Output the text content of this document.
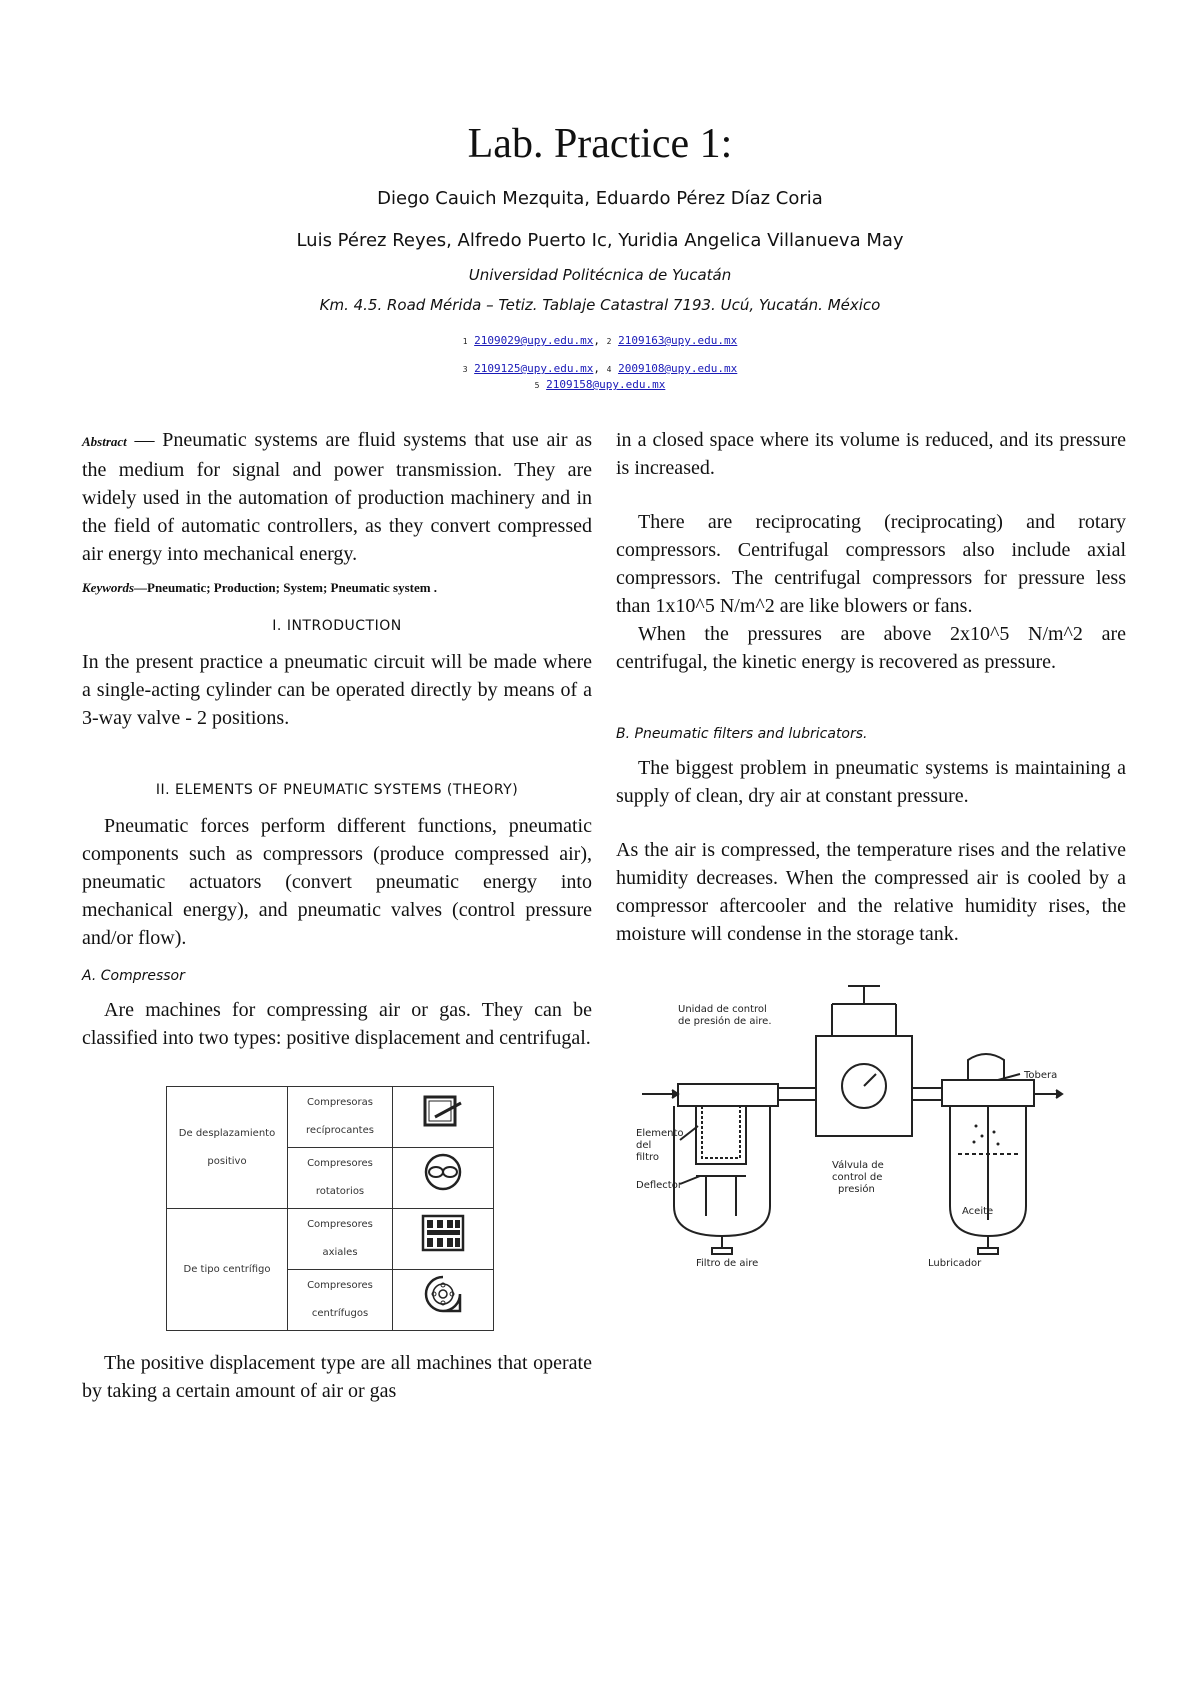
Lab. Practice 1:
Diego Cauich Mezquita, Eduardo Pérez Díaz Coria
Luis Pérez Reyes, Alfredo Puerto Ic, Yuridia Angelica Villanueva May
Universidad Politécnica de Yucatán
Km. 4.5. Road Mérida – Tetiz. Tablaje Catastral 7193. Ucú, Yucatán. México
1 2109029@upy.edu.mx, 2 2109163@upy.edu.mx
3 2109125@upy.edu.mx, 4 2009108@upy.edu.mx
5 2109158@upy.edu.mx

Abstract — Pneumatic systems are fluid systems that use air as the medium for signal and power transmission. They are widely used in the automation of production machinery and in the field of automatic controllers, as they convert compressed air energy into mechanical energy.

Keywords—Pneumatic; Production; System; Pneumatic system .

I. INTRODUCTION

In the present practice a pneumatic circuit will be made where a single-acting cylinder can be operated directly by means of a 3-way valve - 2 positions.

II. ELEMENTS OF PNEUMATIC SYSTEMS (THEORY)

Pneumatic forces perform different functions, pneumatic components such as compressors (produce compressed air), pneumatic actuators (convert pneumatic energy into mechanical energy), and pneumatic valves (control pressure and/or flow).

A. Compressor

Are machines for compressing air or gas. They can be classified into two types: positive displacement and centrifugal.

De desplazamiento positivo	Compresoras recíprocantes	
	Compresores rotatorios	
De tipo centrífigo	Compresores axiales	
	Compresores centrífugos	

The positive displacement type are all machines that operate by taking a certain amount of air or gas

in a closed space where its volume is reduced, and its pressure is increased.

There are reciprocating (reciprocating) and rotary compressors. Centrifugal compressors also include axial compressors. The centrifugal compressors for pressure less than 1x10^5 N/m^2 are like blowers or fans.

When the pressures are above 2x10^5 N/m^2 are centrifugal, the kinetic energy is recovered as pressure.

B. Pneumatic filters and lubricators.

The biggest problem in pneumatic systems is maintaining a supply of clean, dry air at constant pressure.

As the air is compressed, the temperature rises and the relative humidity decreases. When the compressed air is cooled by a compressor aftercooler and the relative humidity rises, the moisture will condense in the storage tank.

Unidad de control
de presión de aire.
Tobera
Elemento
del
filtro
Deflector
Válvula de
control de
presión
Aceite
Filtro de aire	Lubricador
